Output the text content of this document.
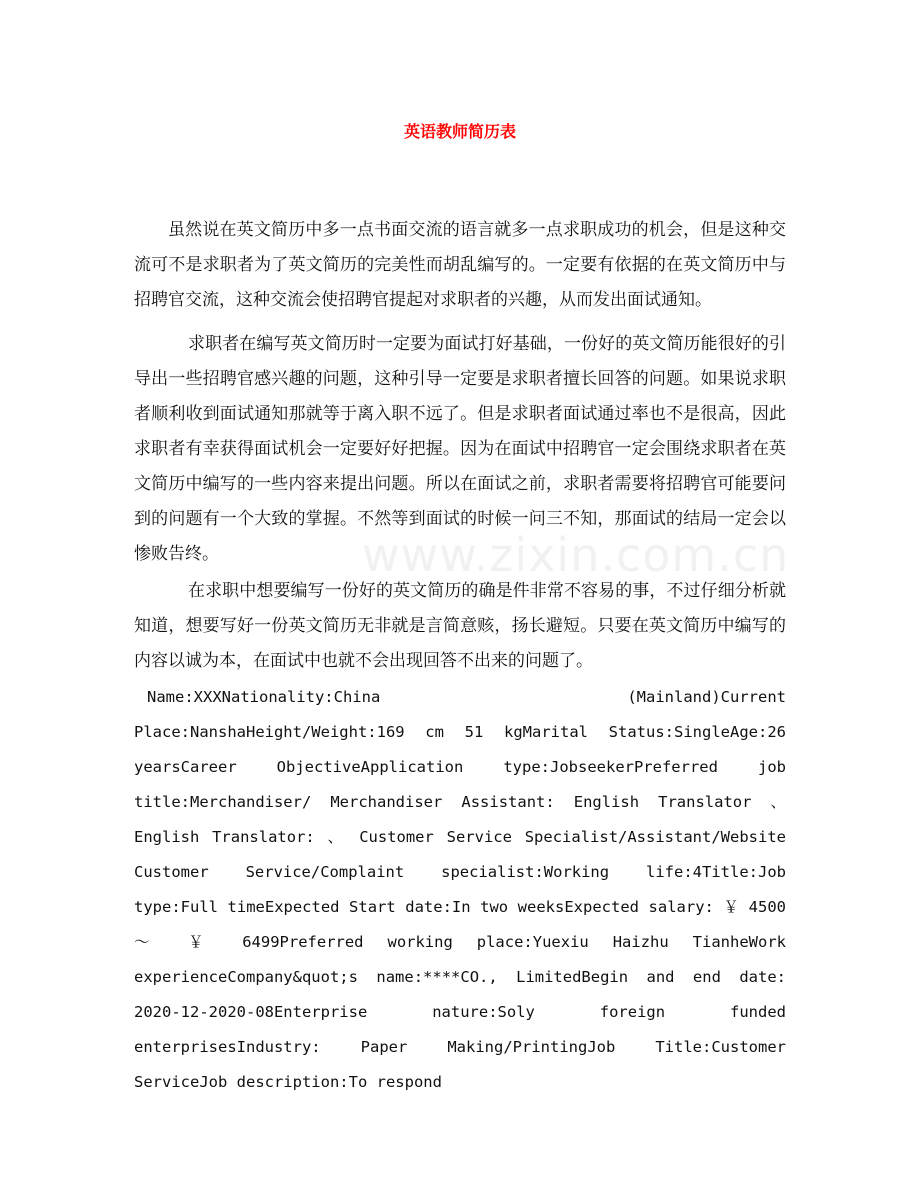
英语教师简历表

虽然说在英文简历中多一点书面交流的语言就多一点求职成功的机会，但是这种交流可不是求职者为了英文简历的完美性而胡乱编写的。一定要有依据的在英文简历中与招聘官交流，这种交流会使招聘官提起对求职者的兴趣，从而发出面试通知。

求职者在编写英文简历时一定要为面试打好基础，一份好的英文简历能很好的引导出一些招聘官感兴趣的问题，这种引导一定要是求职者擅长回答的问题。如果说求职者顺利收到面试通知那就等于离入职不远了。但是求职者面试通过率也不是很高，因此求职者有幸获得面试机会一定要好好把握。因为在面试中招聘官一定会围绕求职者在英文简历中编写的一些内容来提出问题。所以在面试之前，求职者需要将招聘官可能要问到的问题有一个大致的掌握。不然等到面试的时候一问三不知，那面试的结局一定会以惨败告终。

在求职中想要编写一份好的英文简历的确是件非常不容易的事，不过仔细分析就知道，想要写好一份英文简历无非就是言简意赅，扬长避短。只要在英文简历中编写的内容以诚为本，在面试中也就不会出现回答不出来的问题了。

Name:XXXNationality:China (Mainland)Current Place:NanshaHeight/Weight:169 cm 51 kgMarital Status:SingleAge:26 yearsCareer ObjectiveApplication type:JobseekerPreferred job title:Merchandiser/ Merchandiser Assistant: English Translator 、 English Translator: 、 Customer Service Specialist/Assistant/Website Customer Service/Complaint specialist:Working life:4Title:Job type:Full timeExpected Start date:In two weeksExpected salary: ￥ 4500 ～ ￥ 6499Preferred working place:Yuexiu Haizhu TianheWork experienceCompany&quot;s name:****CO., LimitedBegin and end date: 2020-12-2020-08Enterprise nature:Soly foreign funded enterprisesIndustry: Paper Making/PrintingJob Title:Customer ServiceJob description:To respond

www.zixin.com.cn
